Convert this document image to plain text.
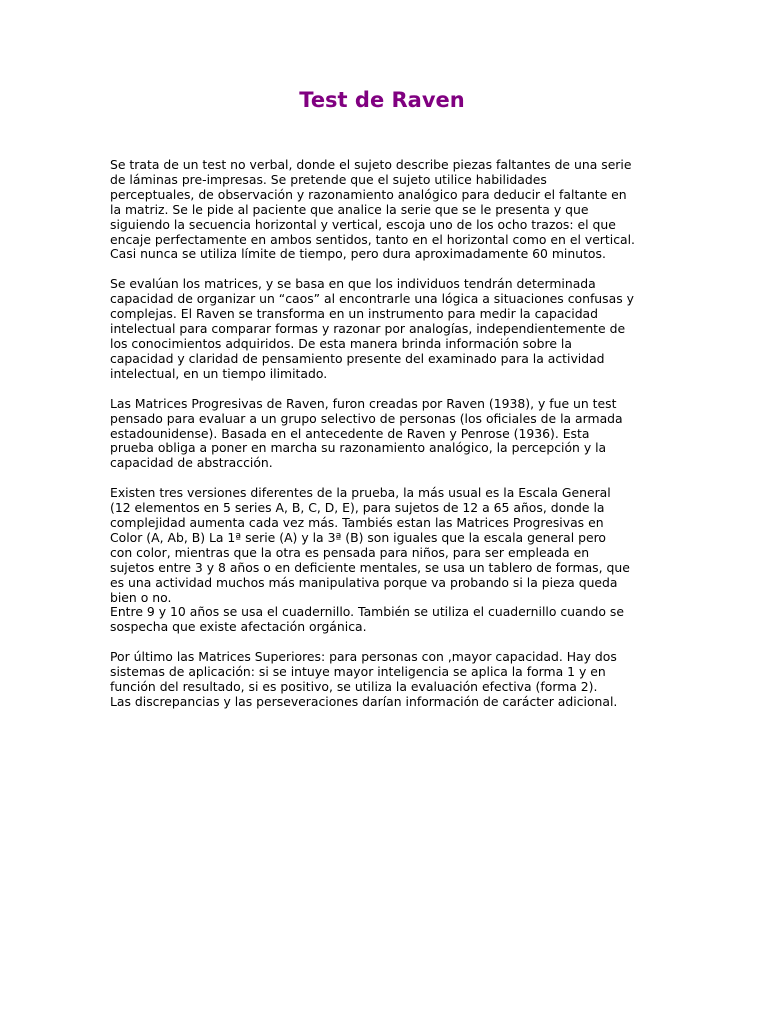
Test de Raven

Se trata de un test no verbal, donde el sujeto describe piezas faltantes de una serie
de láminas pre-impresas. Se pretende que el sujeto utilice habilidades
perceptuales, de observación y razonamiento analógico para deducir el faltante en
la matriz. Se le pide al paciente que analice la serie que se le presenta y que
siguiendo la secuencia horizontal y vertical, escoja uno de los ocho trazos: el que
encaje perfectamente en ambos sentidos, tanto en el horizontal como en el vertical.
Casi nunca se utiliza límite de tiempo, pero dura aproximadamente 60 minutos.

Se evalúan los matrices, y se basa en que los individuos tendrán determinada
capacidad de organizar un “caos” al encontrarle una lógica a situaciones confusas y
complejas. El Raven se transforma en un instrumento para medir la capacidad
intelectual para comparar formas y razonar por analogías, independientemente de
los conocimientos adquiridos. De esta manera brinda información sobre la
capacidad y claridad de pensamiento presente del examinado para la actividad
intelectual, en un tiempo ilimitado.

Las Matrices Progresivas de Raven, furon creadas por Raven (1938), y fue un test
pensado para evaluar a un grupo selectivo de personas (los oficiales de la armada
estadounidense). Basada en el antecedente de Raven y Penrose (1936). Esta
prueba obliga a poner en marcha su razonamiento analógico, la percepción y la
capacidad de abstracción.

Existen tres versiones diferentes de la prueba, la más usual es la Escala General
(12 elementos en 5 series A, B, C, D, E), para sujetos de 12 a 65 años, donde la
complejidad aumenta cada vez más. Tambiés estan las Matrices Progresivas en
Color (A, Ab, B) La 1ª serie (A) y la 3ª (B) son iguales que la escala general pero
con color, mientras que la otra es pensada para niños, para ser empleada en
sujetos entre 3 y 8 años o en deficiente mentales, se usa un tablero de formas, que
es una actividad muchos más manipulativa porque va probando si la pieza queda
bien o no.
Entre 9 y 10 años se usa el cuadernillo. También se utiliza el cuadernillo cuando se
sospecha que existe afectación orgánica.

Por último las Matrices Superiores: para personas con ,mayor capacidad. Hay dos
sistemas de aplicación: si se intuye mayor inteligencia se aplica la forma 1 y en
función del resultado, si es positivo, se utiliza la evaluación efectiva (forma 2).
Las discrepancias y las perseveraciones darían información de carácter adicional.
